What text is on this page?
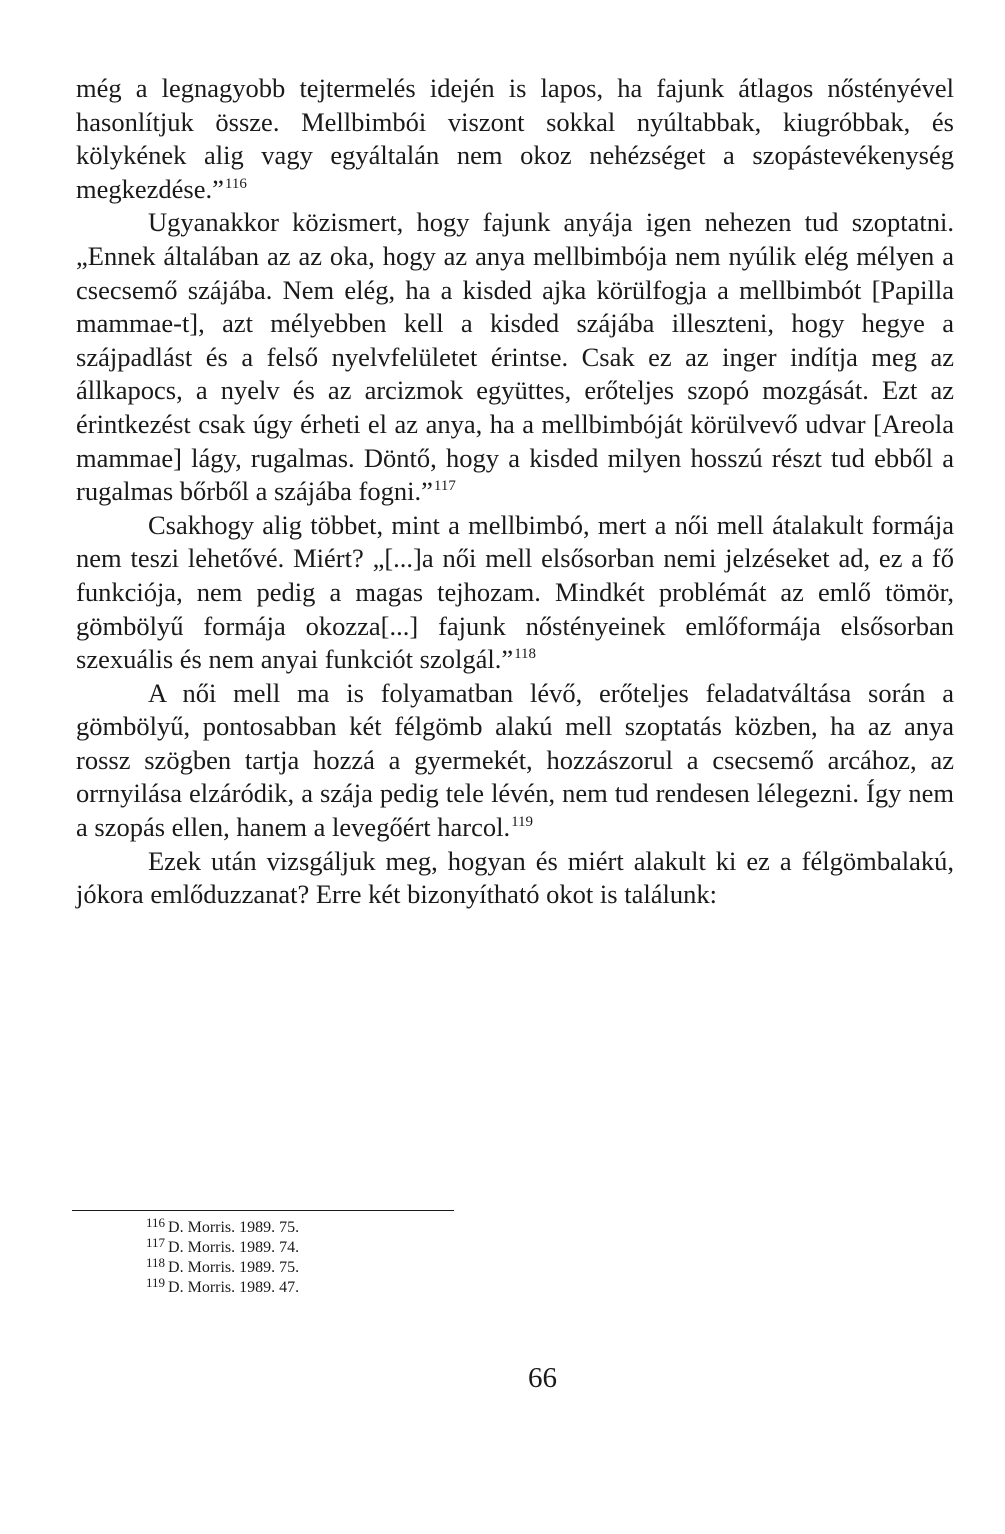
még a legnagyobb tejtermelés idején is lapos, ha fajunk átlagos nőstényével hasonlítjuk össze. Mellbimbói viszont sokkal nyúltabbak, kiugróbbak, és kölykének alig vagy egyáltalán nem okoz nehézséget a szopástevékenység megkezdése.”$^{116}$

Ugyanakkor közismert, hogy fajunk anyája igen nehezen tud szoptatni. „Ennek általában az az oka, hogy az anya mellbimbója nem nyúlik elég mélyen a csecsemő szájába. Nem elég, ha a kisded ajka körülfogja a mellbimbót [Papilla mammae-t], azt mélyebben kell a kisded szájába illeszteni, hogy hegye a szájpadlást és a felső nyelvfelületet érintse. Csak ez az inger indítja meg az állkapocs, a nyelv és az arcizmok együttes, erőteljes szopó mozgását. Ezt az érintkezést csak úgy érheti el az anya, ha a mellbimbóját körülvevő udvar [Areola mammae] lágy, rugalmas. Döntő, hogy a kisded milyen hosszú részt tud ebből a rugalmas bőrből a szájába fogni.”$^{117}$

Csakhogy alig többet, mint a mellbimbó, mert a női mell átalakult formája nem teszi lehetővé. Miért? „[...]a női mell elsősorban nemi jelzéseket ad, ez a fő funkciója, nem pedig a magas tejhozam. Mindkét problémát az emlő tömör, gömbölyű formája okozza[...] fajunk nőstényeinek emlőformája elsősorban szexuális és nem anyai funkciót szolgál.”$^{118}$

A női mell ma is folyamatban lévő, erőteljes feladatváltása során a gömbölyű, pontosabban két félgömb alakú mell szoptatás közben, ha az anya rossz szögben tartja hozzá a gyermekét, hozzászorul a csecsemő arcához, az orrnyilása elzáródik, a szája pedig tele lévén, nem tud rendesen lélegezni. Így nem a szopás ellen, hanem a levegőért harcol.$^{119}$

Ezek után vizsgáljuk meg, hogyan és miért alakult ki ez a félgömbalakú, jókora emlőduzzanat? Erre két bizonyítható okot is találunk:

$^{116}$ D. Morris. 1989. 75.
$^{117}$ D. Morris. 1989. 74.
$^{118}$ D. Morris. 1989. 75.
$^{119}$ D. Morris. 1989. 47.
66
